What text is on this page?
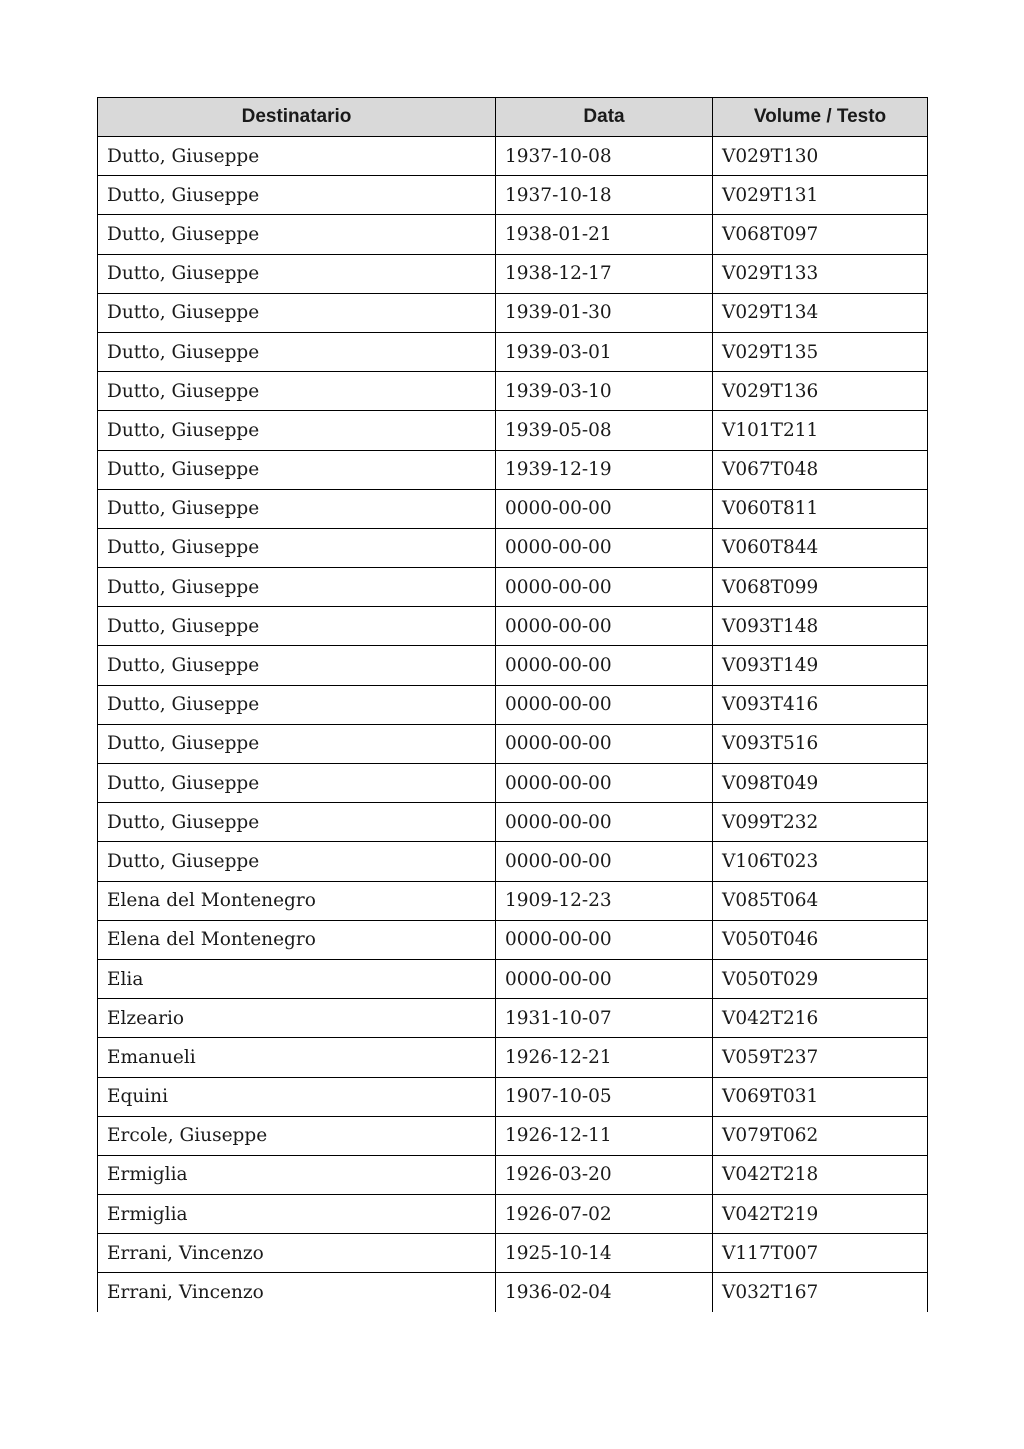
Destinatario	Data	Volume / Testo
Dutto, Giuseppe	1937-10-08	V029T130
Dutto, Giuseppe	1937-10-18	V029T131
Dutto, Giuseppe	1938-01-21	V068T097
Dutto, Giuseppe	1938-12-17	V029T133
Dutto, Giuseppe	1939-01-30	V029T134
Dutto, Giuseppe	1939-03-01	V029T135
Dutto, Giuseppe	1939-03-10	V029T136
Dutto, Giuseppe	1939-05-08	V101T211
Dutto, Giuseppe	1939-12-19	V067T048
Dutto, Giuseppe	0000-00-00	V060T811
Dutto, Giuseppe	0000-00-00	V060T844
Dutto, Giuseppe	0000-00-00	V068T099
Dutto, Giuseppe	0000-00-00	V093T148
Dutto, Giuseppe	0000-00-00	V093T149
Dutto, Giuseppe	0000-00-00	V093T416
Dutto, Giuseppe	0000-00-00	V093T516
Dutto, Giuseppe	0000-00-00	V098T049
Dutto, Giuseppe	0000-00-00	V099T232
Dutto, Giuseppe	0000-00-00	V106T023
Elena del Montenegro	1909-12-23	V085T064
Elena del Montenegro	0000-00-00	V050T046
Elia	0000-00-00	V050T029
Elzeario	1931-10-07	V042T216
Emanueli	1926-12-21	V059T237
Equini	1907-10-05	V069T031
Ercole, Giuseppe	1926-12-11	V079T062
Ermiglia	1926-03-20	V042T218
Ermiglia	1926-07-02	V042T219
Errani, Vincenzo	1925-10-14	V117T007
Errani, Vincenzo	1936-02-04	V032T167
